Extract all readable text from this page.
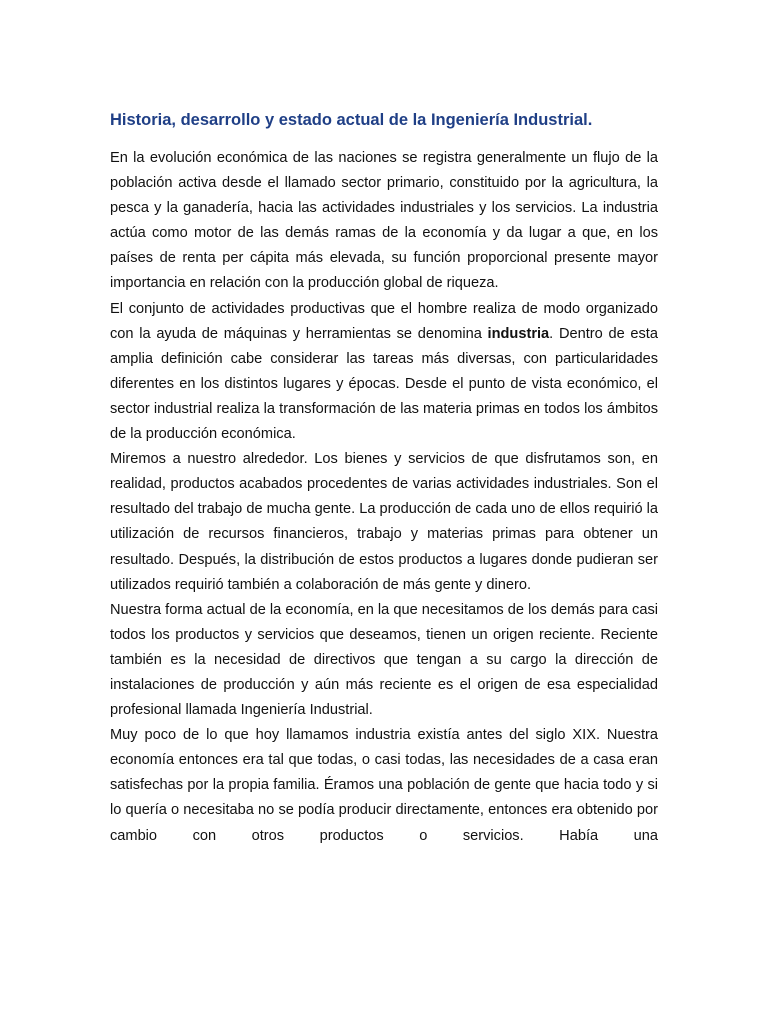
Historia, desarrollo y estado actual de la Ingeniería Industrial.

En la evolución económica de las naciones se registra generalmente un flujo de la población activa desde el llamado sector primario, constituido por la agricultura, la pesca y la ganadería, hacia las actividades industriales y los servicios. La industria actúa como motor de las demás ramas de la economía y da lugar a que, en los países de renta per cápita más elevada, su función proporcional presente mayor importancia en relación con la producción global de riqueza.

El conjunto de actividades productivas que el hombre realiza de modo organizado con la ayuda de máquinas y herramientas se denomina industria. Dentro de esta amplia definición cabe considerar las tareas más diversas, con particularidades diferentes en los distintos lugares y épocas. Desde el punto de vista económico, el sector industrial realiza la transformación de las materia primas en todos los ámbitos de la producción económica.

Miremos a nuestro alrededor. Los bienes y servicios de que disfrutamos son, en realidad, productos acabados procedentes de varias actividades industriales. Son el resultado del trabajo de mucha gente. La producción de cada uno de ellos requirió la utilización de recursos financieros, trabajo y materias primas para obtener un resultado. Después, la distribución de estos productos a lugares donde pudieran ser utilizados requirió también a colaboración de más gente y dinero.

Nuestra forma actual de la economía, en la que necesitamos de los demás para casi todos los productos y servicios que deseamos, tienen un origen reciente. Reciente también es la necesidad de directivos que tengan a su cargo la dirección de instalaciones de producción y aún más reciente es el origen de esa especialidad profesional llamada Ingeniería Industrial.

Muy poco de lo que hoy llamamos industria existía antes del siglo XIX. Nuestra economía entonces era tal que todas, o casi todas, las necesidades de a casa eran satisfechas por la propia familia. Éramos una población de gente que hacia todo y si lo quería o necesitaba no se podía producir directamente, entonces era obtenido por cambio con otros productos o servicios. Había una
